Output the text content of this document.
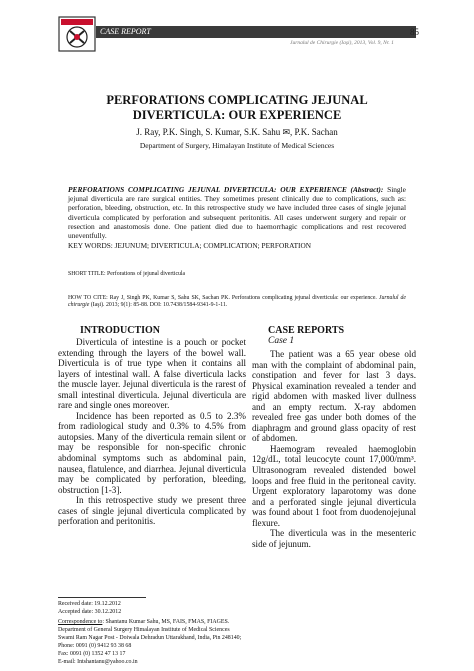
CASE REPORT	85
Jurnalul de Chirurgie (Iaşi), 2013, Vol. 9, Nr. 1
PERFORATIONS COMPLICATING JEJUNAL
DIVERTICULA: OUR EXPERIENCE
J. Ray, P.K. Singh, S. Kumar, S.K. Sahu ✉, P.K. Sachan
Department of Surgery, Himalayan Institute of Medical Sciences
PERFORATIONS COMPLICATING JEJUNAL DIVERTICULA: OUR EXPERIENCE (Abstract): Single jejunal diverticula are rare surgical entities. They sometimes present clinically due to complications, such as: perforation, bleeding, obstruction, etc. In this retrospective study we have included three cases of single jejunal diverticula complicated by perforation and subsequent peritonitis. All cases underwent surgery and repair or resection and anastomosis done. One patient died due to haemorrhagic complications and rest recovered uneventfully.
KEY WORDS: JEJUNUM; DIVERTICULA; COMPLICATION; PERFORATION
SHORT TITLE: Perforations of jejunal diverticula
HOW TO CITE: Ray J, Singh PK, Kumar S, Sahu SK, Sachan PK. Perforations complicating jejunal diverticula: our experience. Jurnalul de chirurgie (Iaşi). 2013; 9(1): 85-88. DOI: 10.7438/1584-9341-9-1-11.
INTRODUCTION

Diverticula of intestine is a pouch or pocket extending through the layers of the bowel wall. Diverticula is of true type when it contains all layers of intestinal wall. A false diverticula lacks the muscle layer. Jejunal diverticula is the rarest of small intestinal diverticula. Jejunal diverticula are rare and single ones moreover.

Incidence has been reported as 0.5 to 2.3% from radiological study and 0.3% to 4.5% from autopsies. Many of the diverticula remain silent or may be responsible for non-specific chronic abdominal symptoms such as abdominal pain, nausea, flatulence, and diarrhea. Jejunal diverticula may be complicated by perforation, bleeding, obstruction [1-3].

In this retrospective study we present three cases of single jejunal diverticula complicated by perforation and peritonitis.

CASE REPORTS
Case 1

The patient was a 65 year obese old man with the complaint of abdominal pain, constipation and fever for last 3 days. Physical examination revealed a tender and rigid abdomen with masked liver dullness and an empty rectum. X-ray abdomen revealed free gas under both domes of the diaphragm and ground glass opacity of rest of abdomen.

Haemogram revealed haemoglobin 12g/dL, total leucocyte count 17,000/mm³. Ultrasonogram revealed distended bowel loops and free fluid in the peritoneal cavity. Urgent exploratory laparotomy was done and a perforated single jejunal diverticula was found about 1 foot from duodenojejunal flexure.

The diverticula was in the mesenteric side of jejunum.

Received date: 19.12.2012
Accepted date: 30.12.2012
Correspondence to: Shantanu Kumar Sahu, MS, FAIS, FMAS, FIAGES.
Department of General Surgery Himalayan Institute of Medical Sciences
Swami Ram Nagar Post - Doiwala Dehradun Uttarakhand, India, Pin 248140;
Phone: 0091 (0) 9412 93 38 68
Fax: 0091 (0) 1352 47 13 17
E-mail: Intshantanu@yahoo.co.in
